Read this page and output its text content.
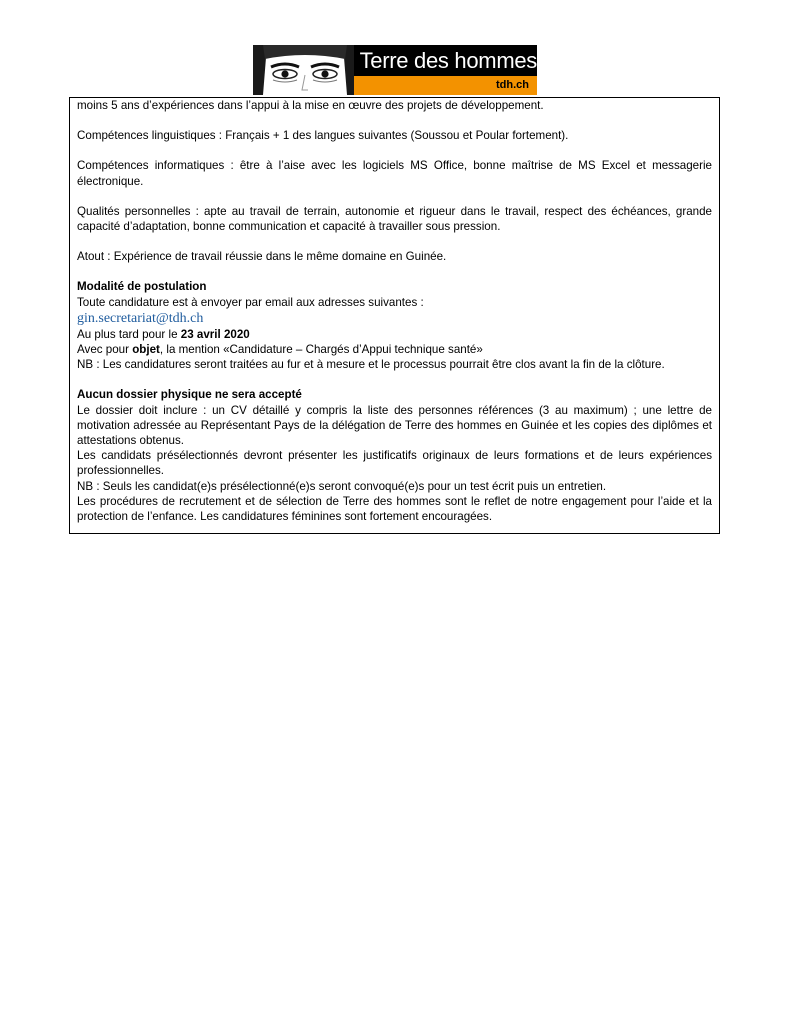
Terre des hommes
tdh.ch

moins 5 ans d’expériences dans l’appui à la mise en œuvre des projets de développement.

Compétences linguistiques : Français + 1 des langues suivantes (Soussou et Poular fortement).

Compétences informatiques : être à l’aise avec les logiciels MS Office, bonne maîtrise de MS Excel et messagerie électronique.

Qualités personnelles : apte au travail de terrain, autonomie et rigueur dans le travail, respect des échéances, grande capacité d’adaptation, bonne communication et capacité à travailler sous pression.

Atout : Expérience de travail réussie dans le même domaine en Guinée.

Modalité de postulation

Toute candidature est à envoyer par email aux adresses suivantes :

gin.secretariat@tdh.ch

Au plus tard pour le 23 avril 2020

Avec pour objet, la mention «Candidature – Chargés d’Appui technique santé»

NB : Les candidatures seront traitées au fur et à mesure et le processus pourrait être clos avant la fin de la clôture.

Aucun dossier physique ne sera accepté

Le dossier doit inclure : un CV détaillé y compris la liste des personnes références (3 au maximum) ; une lettre de motivation adressée au Représentant Pays de la délégation de Terre des hommes en Guinée et les copies des diplômes et attestations obtenus.

Les candidats présélectionnés devront présenter les justificatifs originaux de leurs formations et de leurs expériences professionnelles.

NB : Seuls les candidat(e)s présélectionné(e)s seront convoqué(e)s pour un test écrit puis un entretien.

Les procédures de recrutement et de sélection de Terre des hommes sont le reflet de notre engagement pour l’aide et la protection de l’enfance. Les candidatures féminines sont fortement encouragées.
